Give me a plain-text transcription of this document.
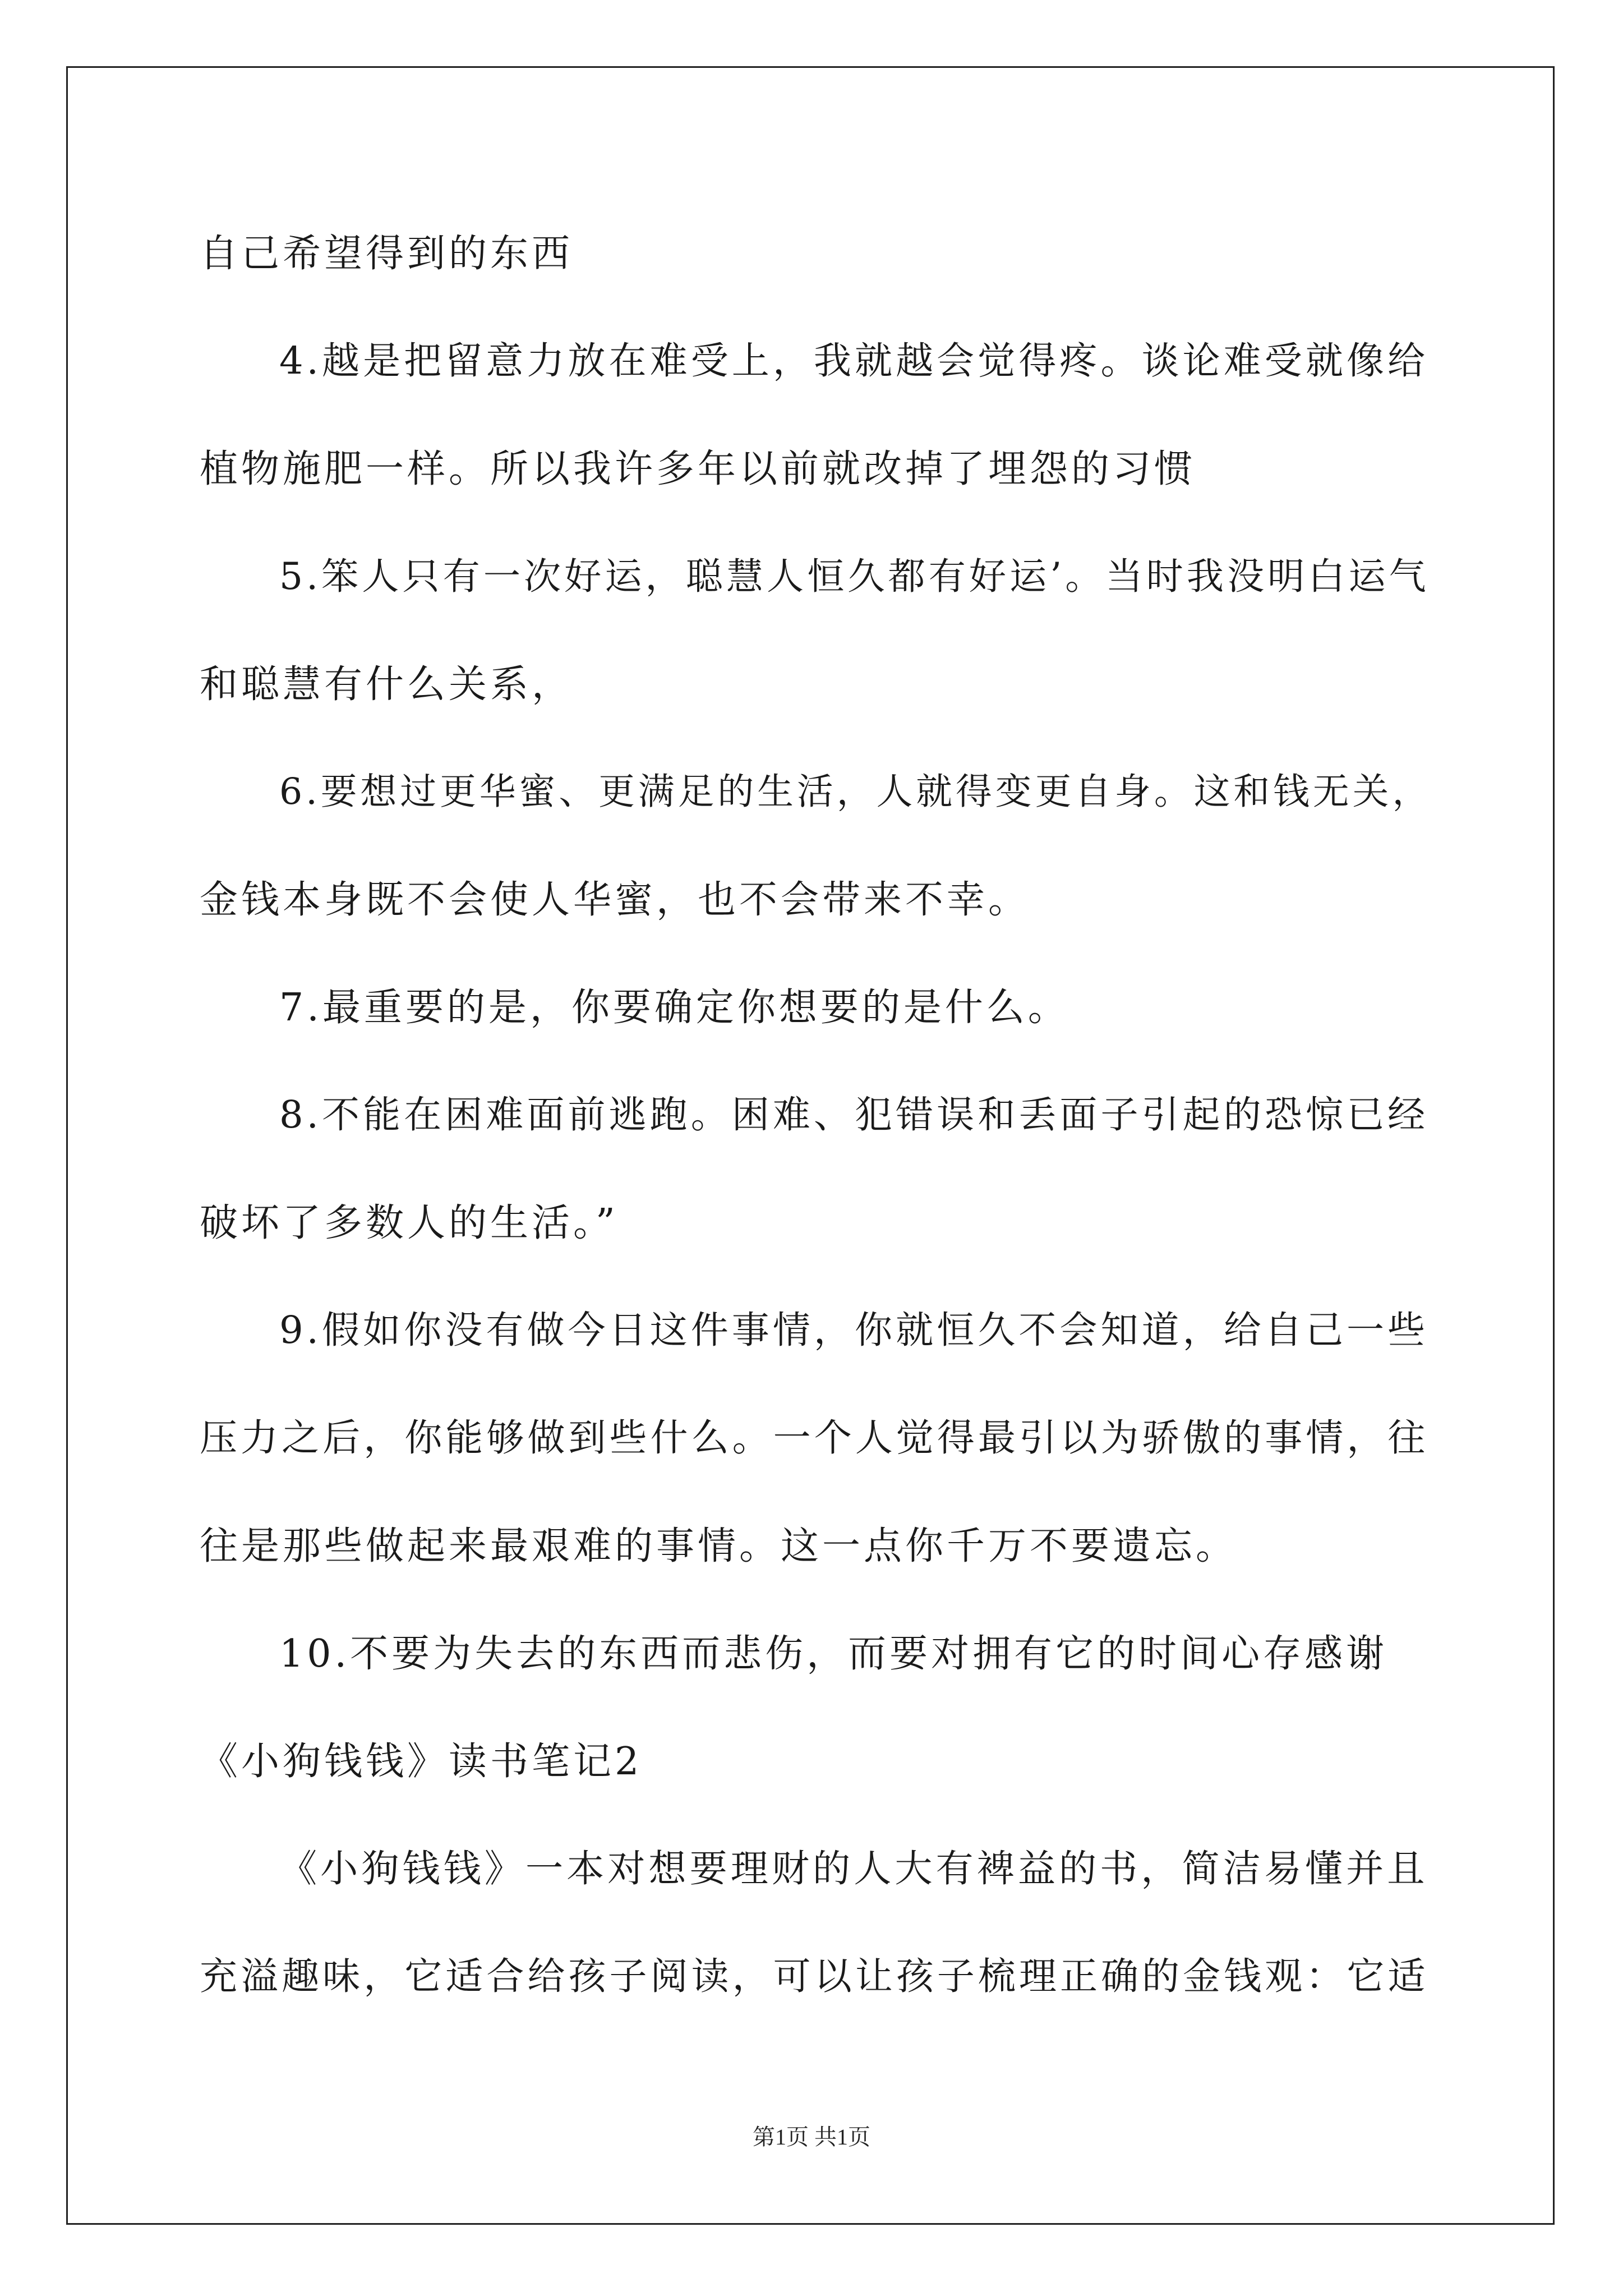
自己希望得到的东西
4.越是把留意力放在难受上，我就越会觉得疼。谈论难受就像给
植物施肥一样。所以我许多年以前就改掉了埋怨的习惯
5.笨人只有一次好运，聪慧人恒久都有好运’。当时我没明白运气
和聪慧有什么关系，
6.要想过更华蜜、更满足的生活，人就得变更自身。这和钱无关，
金钱本身既不会使人华蜜，也不会带来不幸。
7.最重要的是，你要确定你想要的是什么。
8.不能在困难面前逃跑。困难、犯错误和丢面子引起的恐惊已经
破坏了多数人的生活。”
9.假如你没有做今日这件事情，你就恒久不会知道，给自己一些
压力之后，你能够做到些什么。一个人觉得最引以为骄傲的事情，往
往是那些做起来最艰难的事情。这一点你千万不要遗忘。
10.不要为失去的东西而悲伤，而要对拥有它的时间心存感谢
《小狗钱钱》读书笔记2
《小狗钱钱》一本对想要理财的人大有裨益的书，简洁易懂并且
充溢趣味，它适合给孩子阅读，可以让孩子梳理正确的金钱观：它适
第1页 共1页
